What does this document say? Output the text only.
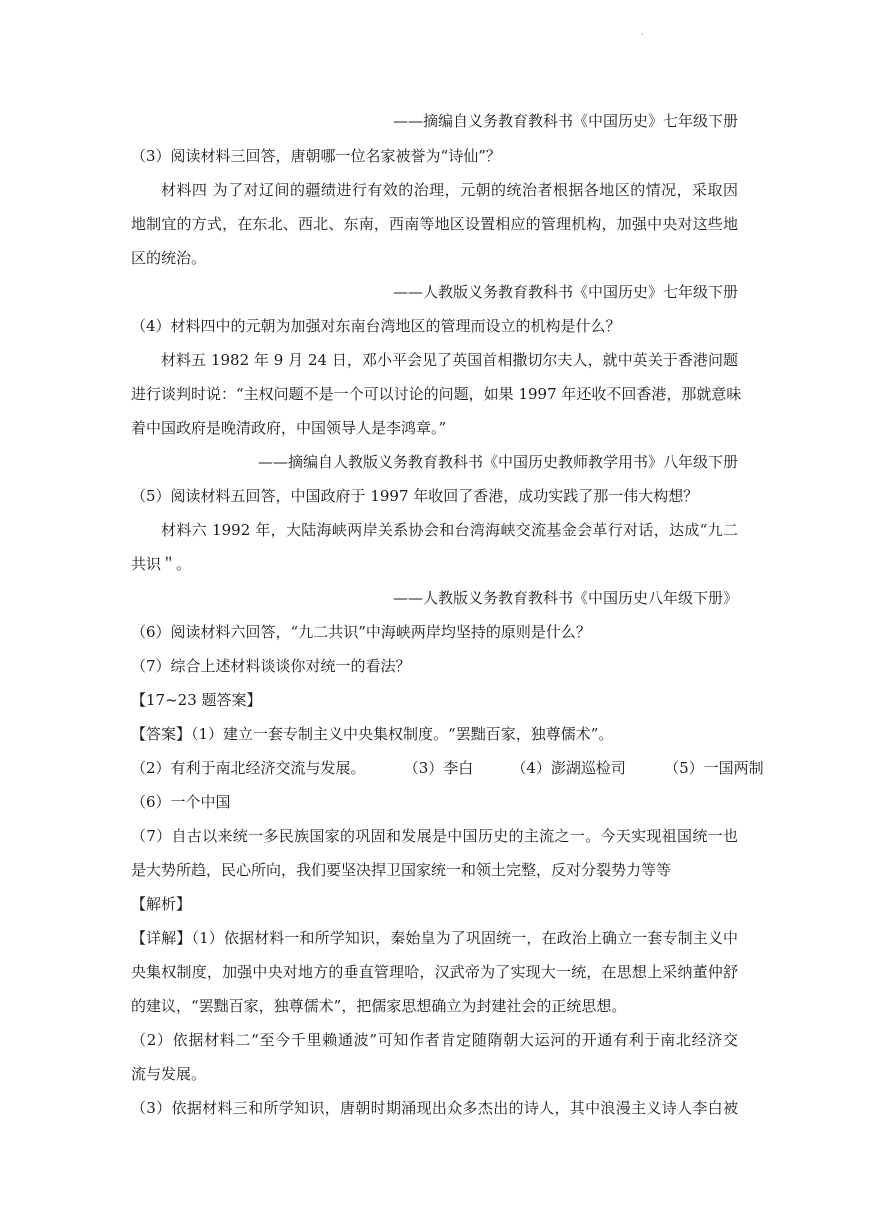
·
——摘编自义务教育教科书《中国历史》七年级下册
（3）阅读材料三回答，唐朝哪一位名家被誉为“诗仙”？
材料四 为了对辽间的疆绩进行有效的治理，元朝的统治者根据各地区的情况，采取因
地制宜的方式，在东北、西北、东南，西南等地区设置相应的管理机构，加强中央对这些地
区的统治。
——人教版义务教育教科书《中国历史》七年级下册
（4）材料四中的元朝为加强对东南台湾地区的管理而设立的机构是什么？
材料五 1982 年 9 月 24 日，邓小平会见了英国首相撒切尔夫人，就中英关于香港问题
进行谈判时说：“主权问题不是一个可以讨论的问题，如果 1997 年还收不回香港，那就意味
着中国政府是晚清政府，中国领导人是李鸿章。”
——摘编自人教版义务教育教科书《中国历史教师教学用书》八年级下册
（5）阅读材料五回答，中国政府于 1997 年收回了香港，成功实践了那一伟大构想？
材料六 1992 年，大陆海峡两岸关系协会和台湾海峡交流基金会革行对话，达成“九二
共识＂。
——人教版义务教育教科书《中国历史八年级下册》
（6）阅读材料六回答，“九二共识”中海峡两岸均坚持的原则是什么？
（7）综合上述材料谈谈你对统一的看法？
【17~23 题答案】
【答案】（1）建立一套专制主义中央集权制度。“罢黜百家，独尊儒术”。
（2）有利于南北经济交流与发展。        （3）李白        （4）澎湖巡检司        （5）一国两制
（6）一个中国
（7）自古以来统一多民族国家的巩固和发展是中国历史的主流之一。今天实现祖国统一也
是大势所趋，民心所向，我们要坚决捍卫国家统一和领土完整，反对分裂势力等等
【解析】
【详解】（1）依据材料一和所学知识，秦始皇为了巩固统一，在政治上确立一套专制主义中
央集权制度，加强中央对地方的垂直管理哈，汉武帝为了实现大一统，在思想上采纳董仲舒
的建议，“罢黜百家，独尊儒术”，把儒家思想确立为封建社会的正统思想。
（2）依据材料二“至今千里赖通波”可知作者肯定随隋朝大运河的开通有利于南北经济交
流与发展。
（3）依据材料三和所学知识，唐朝时期涌现出众多杰出的诗人，其中浪漫主义诗人李白被
